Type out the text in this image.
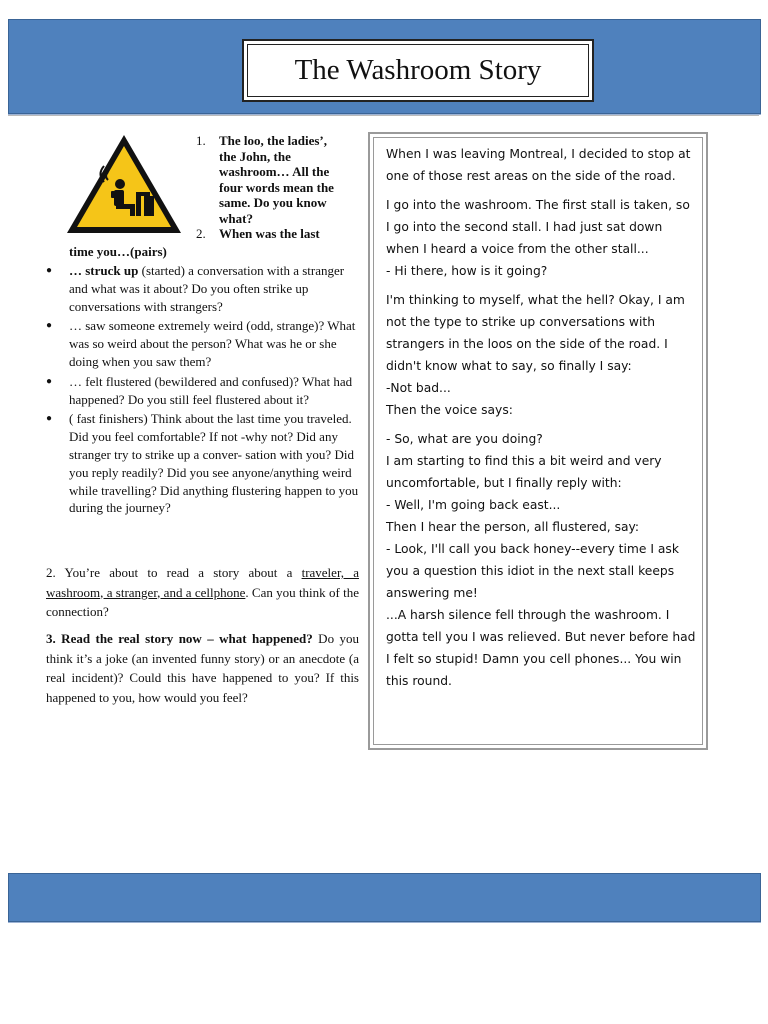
The Washroom Story
1. The loo, the ladies’, the John, the washroom… All the four words mean the same. Do you know what?
2. When was the last
time you…(pairs)
● … struck up (started) a conversation with a stranger and what was it about? Do you often strike up conversations with strangers?
● … saw someone extremely weird (odd, strange)? What was so weird about the person? What was he or she doing when you saw them?
● … felt flustered (bewildered and confused)? What had happened? Do you still feel flustered about it?
● ( fast finishers) Think about the last time you traveled. Did you feel comfortable? If not -why not? Did any stranger try to strike up a conver- sation with you? Did you reply readily? Did you see anyone/anything weird while travelling? Did anything flustering happen to you during the journey?
2. You’re about to read a story about a traveler, a washroom, a stranger, and a cellphone. Can you think of the connection?
3. Read the real story now – what happened? Do you think it’s a joke (an invented funny story) or an anecdote (a real incident)? Could this have happened to you? If this happened to you, how would you feel?

When I was leaving Montreal, I decided to stop at one of those rest areas on the side of the road.

I go into the washroom. The first stall is taken, so I go into the second stall. I had just sat down when I heard a voice from the other stall...

- Hi there, how is it going?

I'm thinking to myself, what the hell? Okay, I am not the type to strike up conversations with strangers in the loos on the side of the road. I didn't know what to say, so finally I say:

-Not bad...

Then the voice says:

- So, what are you doing?

I am starting to find this a bit weird and very uncomfortable, but I finally reply with:

- Well, I'm going back east...

Then I hear the person, all flustered, say:

- Look, I'll call you back honey--every time I ask you a question this idiot in the next stall keeps answering me!

...A harsh silence fell through the washroom. I gotta tell you I was relieved. But never before had I felt so stupid! Damn you cell phones... You win this round.
